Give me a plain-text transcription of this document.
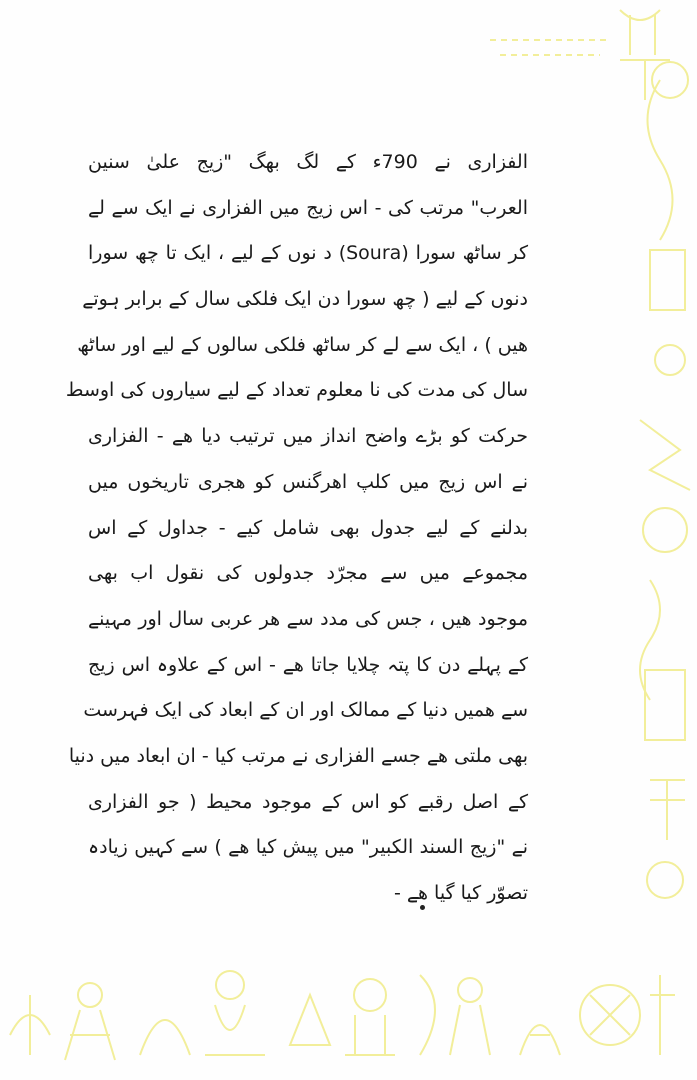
الفزاری نے 790ء کے لگ بھگ "زیج علیٰ سنین
العرب" مرتب کی - اس زیج میں الفزاری نے ایک سے لے
کر ساٹھ سورا (Soura) د نوں کے لیے ، ایک تا چھ سورا
دنوں کے لیے ( چھ سورا دن ایک فلکی سال کے برابر ہوتے
ھیں ) ، ایک سے لے کر ساٹھ فلکی سالوں کے لیے اور ساٹھ
سال کی مدت کی نا معلوم تعداد کے لیے سیاروں کی اوسط
حرکت کو بڑے واضح انداز میں ترتیب دیا ھے - الفزاری
نے اس زیج میں کلپ اھرگنس کو ھجری تاریخوں میں
بدلنے کے لیے جدول بھی شامل کیے - جداول کے اس
مجموعے میں سے مجرّد جدولوں کی نقول اب بھی
موجود ھیں ، جس کی مدد سے ھر عربی سال اور مہینے
کے پہلے دن کا پتہ چلایا جاتا ھے - اس کے علاوہ اس زیج
سے ھمیں دنیا کے ممالک اور ان کے ابعاد کی ایک فہرست
بھی ملتی ھے جسے الفزاری نے مرتب کیا - ان ابعاد میں دنیا
کے اصل رقبے کو اس کے موجود محیط ( جو الفزاری
نے "زیج السند الکبیر" میں پیش کیا ھے ) سے کہیں زیادہ
تصوّر کیا گیا ھے -
